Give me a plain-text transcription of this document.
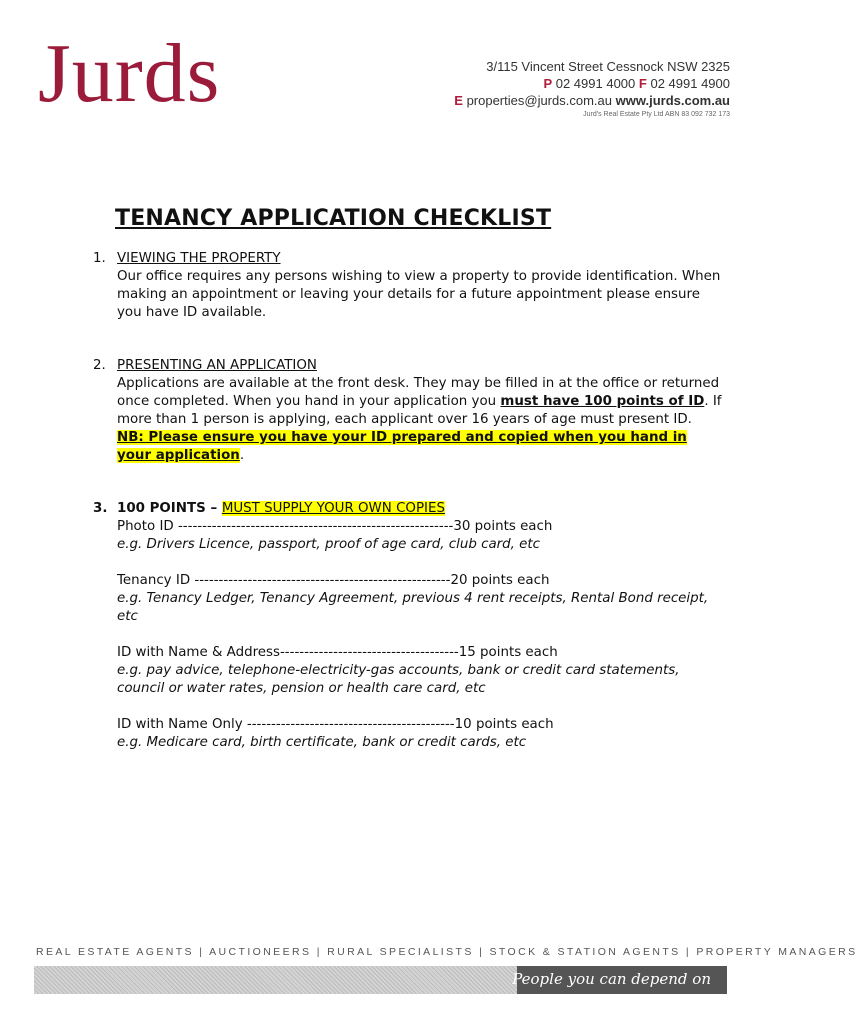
Jurds	3/115 Vincent Street Cessnock NSW 2325
P 02 4991 4000 F 02 4991 4900
E properties@jurds.com.au www.jurds.com.au
Jurd's Real Estate Pty Ltd ABN 83 092 732 173
TENANCY APPLICATION CHECKLIST
1. VIEWING THE PROPERTY
Our office requires any persons wishing to view a property to provide identification. When making an appointment or leaving your details for a future appointment please ensure you have ID available.
2. PRESENTING AN APPLICATION
Applications are available at the front desk. They may be filled in at the office or returned once completed. When you hand in your application you must have 100 points of ID. If more than 1 person is applying, each applicant over 16 years of age must present ID.
NB: Please ensure you have your ID prepared and copied when you hand in your application.
3. 100 POINTS – MUST SUPPLY YOUR OWN COPIES
Photo ID ---------------------------------------------------------30 points each
e.g. Drivers Licence, passport, proof of age card, club card, etc
Tenancy ID -----------------------------------------------------20 points each
e.g. Tenancy Ledger, Tenancy Agreement, previous 4 rent receipts, Rental Bond receipt, etc
ID with Name & Address-------------------------------------15 points each
e.g. pay advice, telephone-electricity-gas accounts, bank or credit card statements, council or water rates, pension or health care card, etc
ID with Name Only -------------------------------------------10 points each
e.g. Medicare card, birth certificate, bank or credit cards, etc
REAL ESTATE AGENTS | AUCTIONEERS | RURAL SPECIALISTS | STOCK & STATION AGENTS | PROPERTY MANAGERS
People you can depend on
